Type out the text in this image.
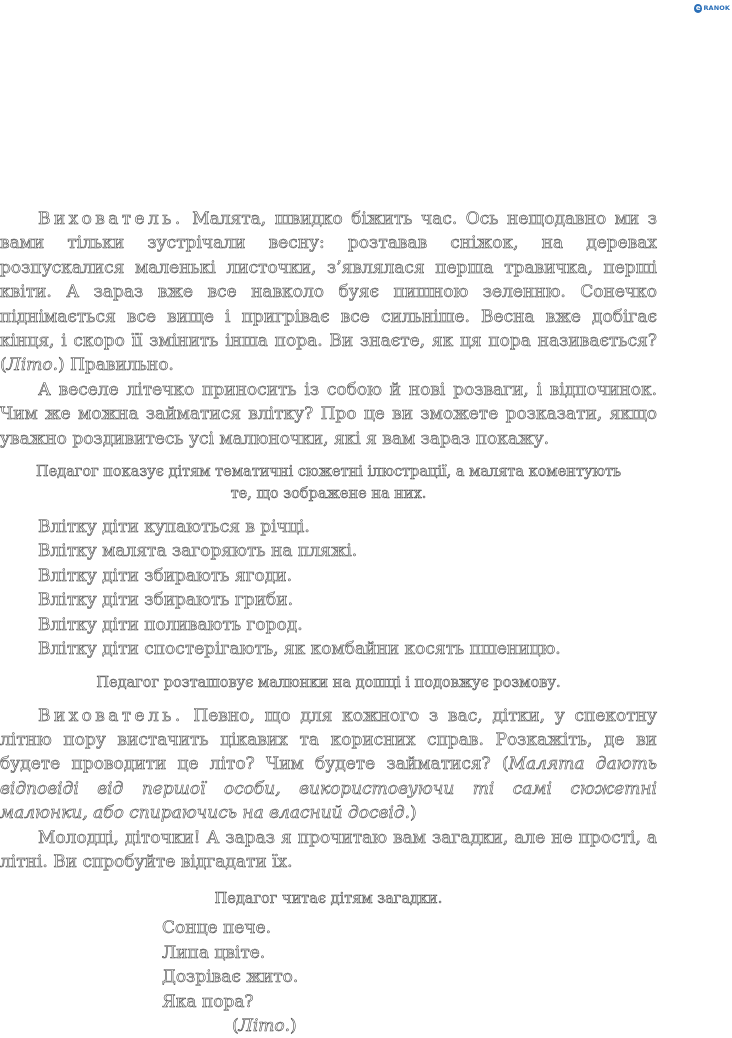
e RANOK

Вихователь. Малята, швидко біжить час. Ось нещодавно ми з вами тільки зустрічали весну: розтавав сніжок, на деревах розпускалися маленькі листочки, з’являлася перша травичка, перші квіти. А зараз вже все навколо буяє пишною зеленню. Сонечко піднімається все вище і пригріває все сильніше. Весна вже добігає кінця, і скоро її змінить інша пора. Ви знаєте, як ця пора називається? (Літо.) Правильно.

А веселе літечко приносить із собою й нові розваги, і відпочинок. Чим же можна займатися влітку? Про це ви зможете розказати, якщо уважно роздивитесь усі малюночки, які я вам зараз покажу.

Педагог показує дітям тематичні сюжетні ілюстрації, а малята коментують те, що зображене на них.

Влітку діти купаються в річці.
Влітку малята загоряють на пляжі.
Влітку діти збирають ягоди.
Влітку діти збирають гриби.
Влітку діти поливають город.
Влітку діти спостерігають, як комбайни косять пшеницю.

Педагог розташовує малюнки на дошці і подовжує розмову.

Вихователь. Певно, що для кожного з вас, дітки, у спекотну літню пору вистачить цікавих та корисних справ. Розкажіть, де ви будете проводити це літо? Чим будете займатися? (Малята дають відповіді від першої особи, використовуючи ті самі сюжетні малюнки, або спираючись на власний досвід.)

Молодці, діточки! А зараз я прочитаю вам загадки, але не прості, а літні. Ви спробуйте відгадати їх.

Педагог читає дітям загадки.

Сонце пече.
Липа цвіте.
Дозріває жито.
Яка пора?
(Літо.)
